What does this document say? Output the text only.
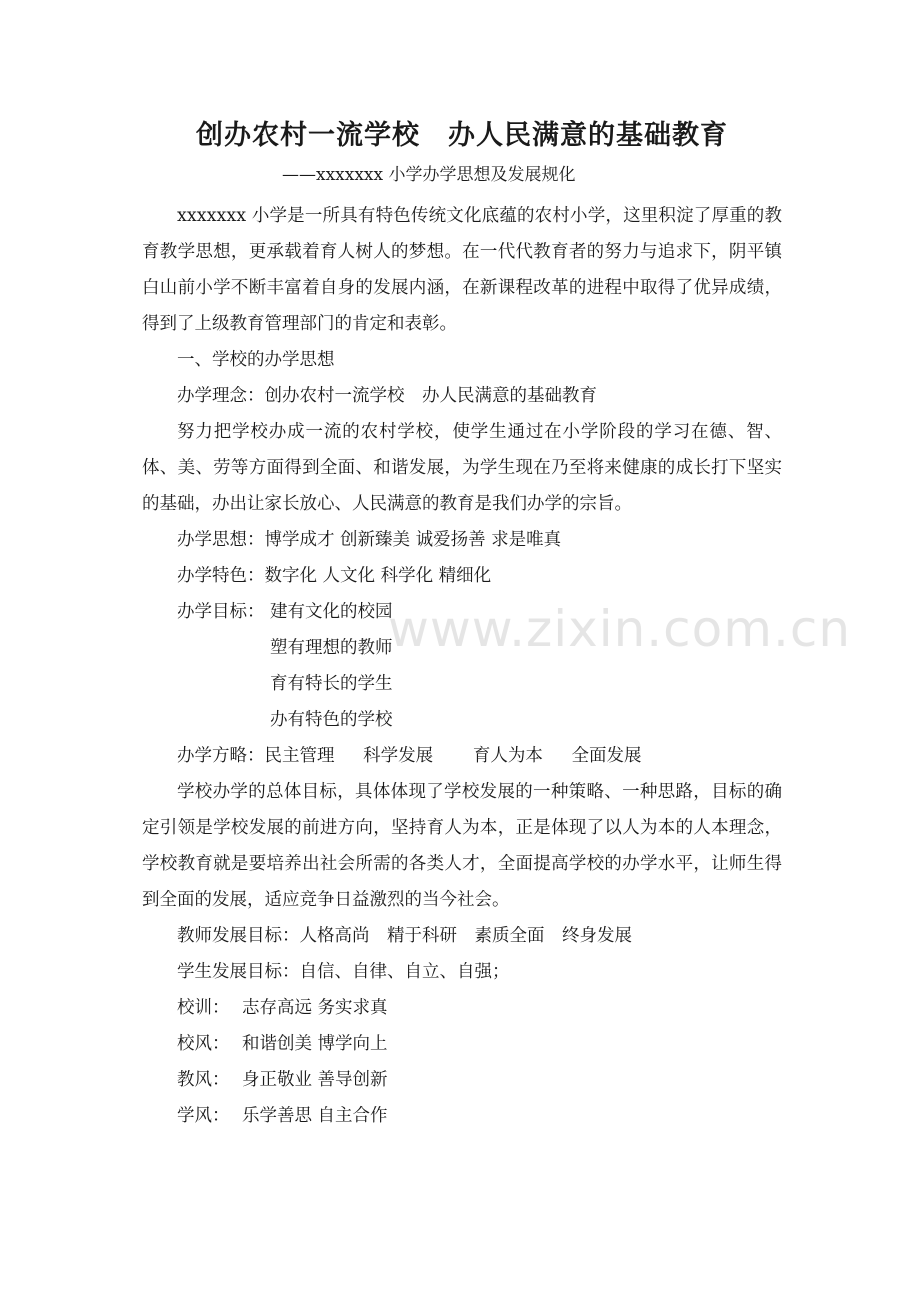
创办农村一流学校　办人民满意的基础教育

——xxxxxxx 小学办学思想及发展规化

xxxxxxx 小学是一所具有特色传统文化底蕴的农村小学，这里积淀了厚重的教育教学思想，更承载着育人树人的梦想。在一代代教育者的努力与追求下，阴平镇白山前小学不断丰富着自身的发展内涵，在新课程改革的进程中取得了优异成绩，得到了上级教育管理部门的肯定和表彰。

一、学校的办学思想

办学理念：创办农村一流学校　办人民满意的基础教育

努力把学校办成一流的农村学校，使学生通过在小学阶段的学习在德、智、体、美、劳等方面得到全面、和谐发展，为学生现在乃至将来健康的成长打下坚实的基础，办出让家长放心、人民满意的教育是我们办学的宗旨。

办学思想：博学成才 创新臻美 诚爱扬善 求是唯真

办学特色：数字化 人文化 科学化 精细化

办学目标： 建有文化的校园
塑有理想的教师
育有特长的学生
办有特色的学校

办学方略：民主管理　  科学发展　    育人为本　  全面发展

学校办学的总体目标，具体体现了学校发展的一种策略、一种思路，目标的确定引领是学校发展的前进方向，坚持育人为本，正是体现了以人为本的人本理念，学校教育就是要培养出社会所需的各类人才，全面提高学校的办学水平，让师生得到全面的发展，适应竞争日益激烈的当今社会。

教师发展目标：人格高尚　精于科研　素质全面　终身发展

学生发展目标：自信、自律、自立、自强；

校训： 志存高远 务实求真
校风： 和谐创美 博学向上
教风： 身正敬业 善导创新
学风： 乐学善思 自主合作
www.zixin.com.cn
